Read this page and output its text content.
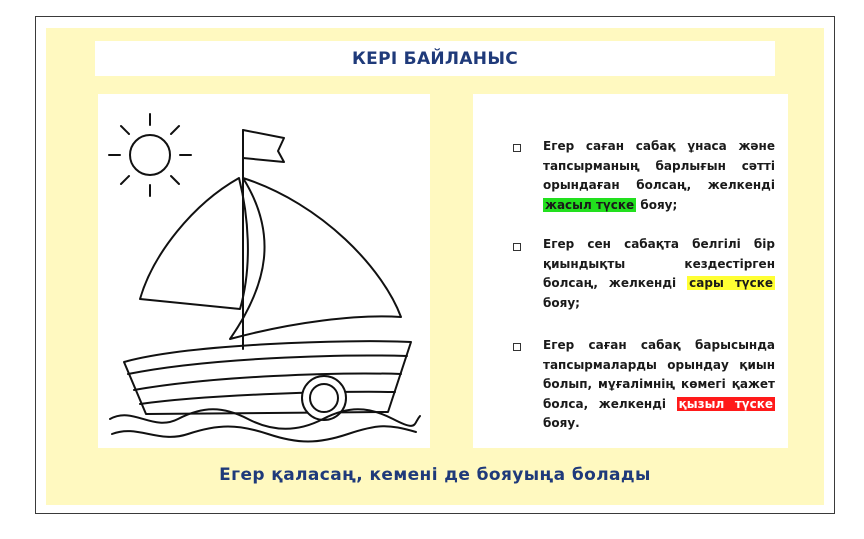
КЕРІ БАЙЛАНЫС
Егер саған сабақ ұнаса және тапсырманың барлығын сәтті орындаған болсаң, желкенді жасыл түске бояу;
Егер сен сабақта белгілі бір қиындықты кездестірген болсаң, желкенді сары түске бояу;
Егер саған сабақ барысында тапсырмаларды орындау қиын болып, мұғалімнің көмегі қажет болса, желкенді қызыл түске бояу.
Егер қаласаң, кемені де бояуыңа болады
